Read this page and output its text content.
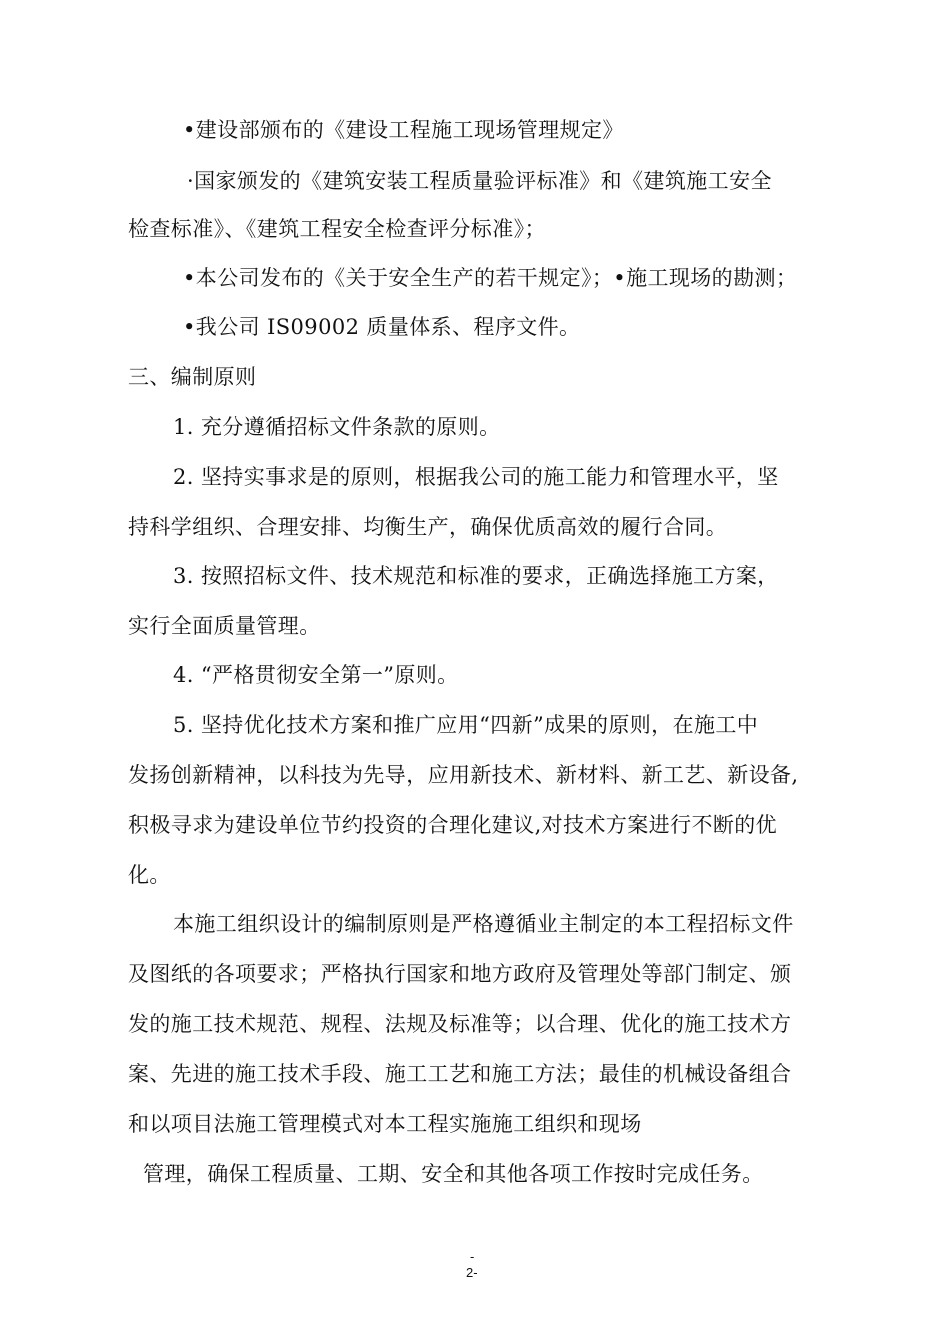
•建设部颁布的《建设工程施工现场管理规定》
·国家颁发的《建筑安装工程质量验评标准》和《建筑施工安全
检查标准》、《建筑工程安全检查评分标准》；
•本公司发布的《关于安全生产的若干规定》；•施工现场的勘测；
•我公司 IS09002 质量体系、程序文件。
三、编制原则
1. 充分遵循招标文件条款的原则。
2. 坚持实事求是的原则，根据我公司的施工能力和管理水平，坚
持科学组织、合理安排、均衡生产，确保优质高效的履行合同。
3. 按照招标文件、技术规范和标准的要求，正确选择施工方案，
实行全面质量管理。
4. “严格贯彻安全第一”原则。
5. 坚持优化技术方案和推广应用“四新”成果的原则，在施工中
发扬创新精神，以科技为先导，应用新技术、新材料、新工艺、新设备,
积极寻求为建设单位节约投资的合理化建议,对技术方案进行不断的优
化。
本施工组织设计的编制原则是严格遵循业主制定的本工程招标文件
及图纸的各项要求；严格执行国家和地方政府及管理处等部门制定、颁
发的施工技术规范、规程、法规及标准等；以合理、优化的施工技术方
案、先进的施工技术手段、施工工艺和施工方法；最佳的机械设备组合
和以项目法施工管理模式对本工程实施施工组织和现场
管理，确保工程质量、工期、安全和其他各项工作按时完成任务。
-
2-
